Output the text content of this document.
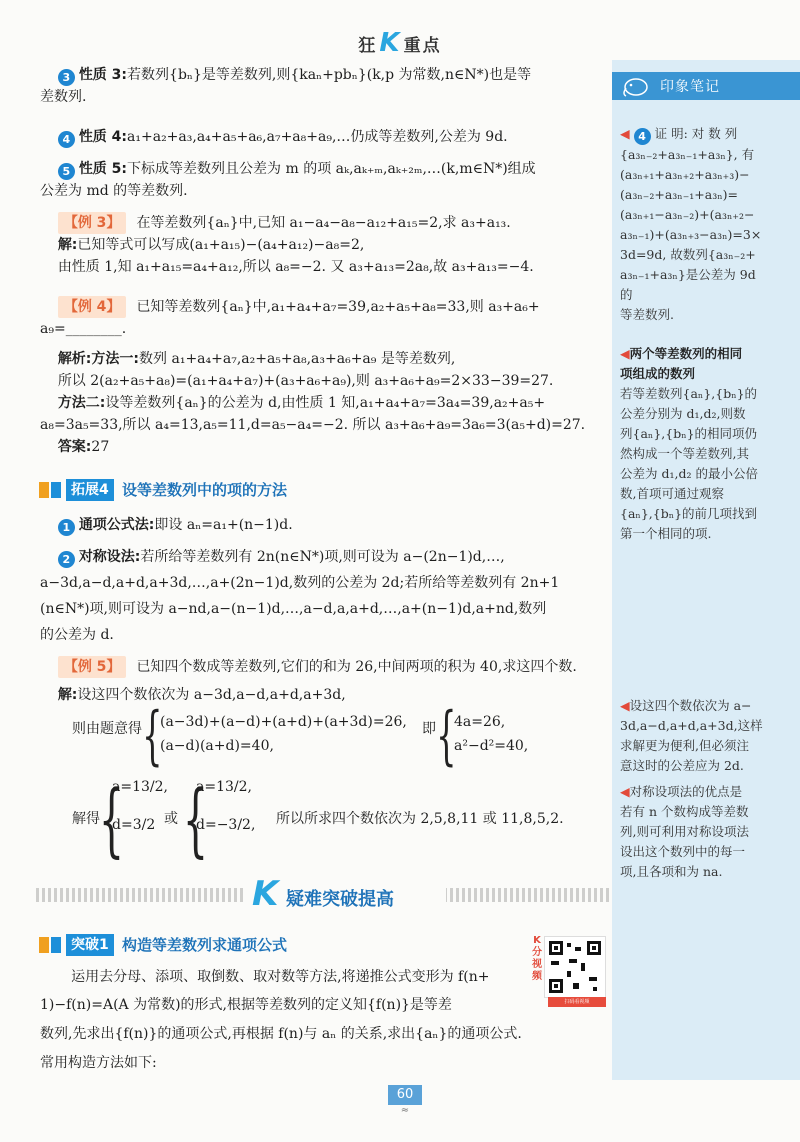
狂K 重点
印象笔记
◀ 4 证 明: 对 数 列
{a₃ₙ₋₂+a₃ₙ₋₁+a₃ₙ}, 有
(a₃ₙ₊₁+a₃ₙ₊₂+a₃ₙ₊₃)−
(a₃ₙ₋₂+a₃ₙ₋₁+a₃ₙ)=
(a₃ₙ₊₁−a₃ₙ₋₂)+(a₃ₙ₊₂−
a₃ₙ₋₁)+(a₃ₙ₊₃−a₃ₙ)=3×
3d=9d, 故数列{a₃ₙ₋₂+
a₃ₙ₋₁+a₃ₙ}是公差为 9d 的
等差数列.
◀两个等差数列的相同
项组成的数列
若等差数列{aₙ},{bₙ}的
公差分别为 d₁,d₂,则数
列{aₙ},{bₙ}的相同项仍
然构成一个等差数列,其
公差为 d₁,d₂ 的最小公倍
数,首项可通过观察
{aₙ},{bₙ}的前几项找到
第一个相同的项.
◀设这四个数依次为 a−
3d,a−d,a+d,a+3d,这样
求解更为便利,但必须注
意这时的公差应为 2d.
◀对称设项法的优点是
若有 n 个数构成等差数
列,则可利用对称设项法
设出这个数列中的每一
项,且各项和为 na.
3 性质 3:若数列{bₙ}是等差数列,则{kaₙ+pbₙ}(k,p 为常数,n∈N*)也是等
差数列.
4 性质 4:a₁+a₂+a₃,a₄+a₅+a₆,a₇+a₈+a₉,…仍成等差数列,公差为 9d.
5 性质 5:下标成等差数列且公差为 m 的项 aₖ,aₖ₊ₘ,aₖ₊₂ₘ,…(k,m∈N*)组成
公差为 md 的等差数列.
【 例 3 】 在等差数列{aₙ}中,已知 a₁−a₄−a₈−a₁₂+a₁₅=2,求 a₃+a₁₃.
解:已知等式可以写成(a₁+a₁₅)−(a₄+a₁₂)−a₈=2,
由性质 1,知 a₁+a₁₅=a₄+a₁₂,所以 a₈=−2. 又 a₃+a₁₃=2a₈,故 a₃+a₁₃=−4.
【 例 4 】 已知等差数列{aₙ}中,a₁+a₄+a₇=39,a₂+a₅+a₈=33,则 a₃+a₆+
a₉=________.
解析:方法一:数列 a₁+a₄+a₇,a₂+a₅+a₈,a₃+a₆+a₉ 是等差数列,
所以 2(a₂+a₅+a₈)=(a₁+a₄+a₇)+(a₃+a₆+a₉),则 a₃+a₆+a₉=2×33−39=27.
方法二:设等差数列{aₙ}的公差为 d,由性质 1 知,a₁+a₄+a₇=3a₄=39,a₂+a₅+
a₈=3a₅=33,所以 a₄=13,a₅=11,d=a₅−a₄=−2. 所以 a₃+a₆+a₉=3a₆=3(a₅+d)=27.
答案:27
拓展4 设等差数列中的项的方法
1 通项公式法:即设 aₙ=a₁+(n−1)d.
2 对称设法:若所给等差数列有 2n(n∈N*)项,则可设为 a−(2n−1)d,…,
a−3d,a−d,a+d,a+3d,…,a+(2n−1)d,数列的公差为 2d;若所给等差数列有 2n+1
(n∈N*)项,则可设为 a−nd,a−(n−1)d,…,a−d,a,a+d,…,a+(n−1)d,a+nd,数列
的公差为 d.
【 例 5 】 已知四个数成等差数列,它们的和为 26,中间两项的积为 40,求这四个数.
解:设这四个数依次为 a−3d,a−d,a+d,a+3d,
则由题意得 {
(a−3d)+(a−d)+(a+d)+(a+3d)=26,
(a−d)(a+d)=40,
即 {
4a=26,
a²−d²=40,
解得
{
a=13/2,
d=3/2 或 {
a=13/2,
d=−3/2, 所以所求四个数依次为 2,5,8,11 或 11,8,5,2.
K 疑难突破提高
突破1 构造等差数列求通项公式	K分视频
扫码看视频
运用去分母、添项、取倒数、取对数等方法,将递推公式变形为 f(n+
1)−f(n)=A(A 为常数)的形式,根据等差数列的定义知{f(n)}是等差
数列,先求出{f(n)}的通项公式,再根据 f(n)与 aₙ 的关系,求出{aₙ}的通项公式.
常用构造方法如下:
60
≈
